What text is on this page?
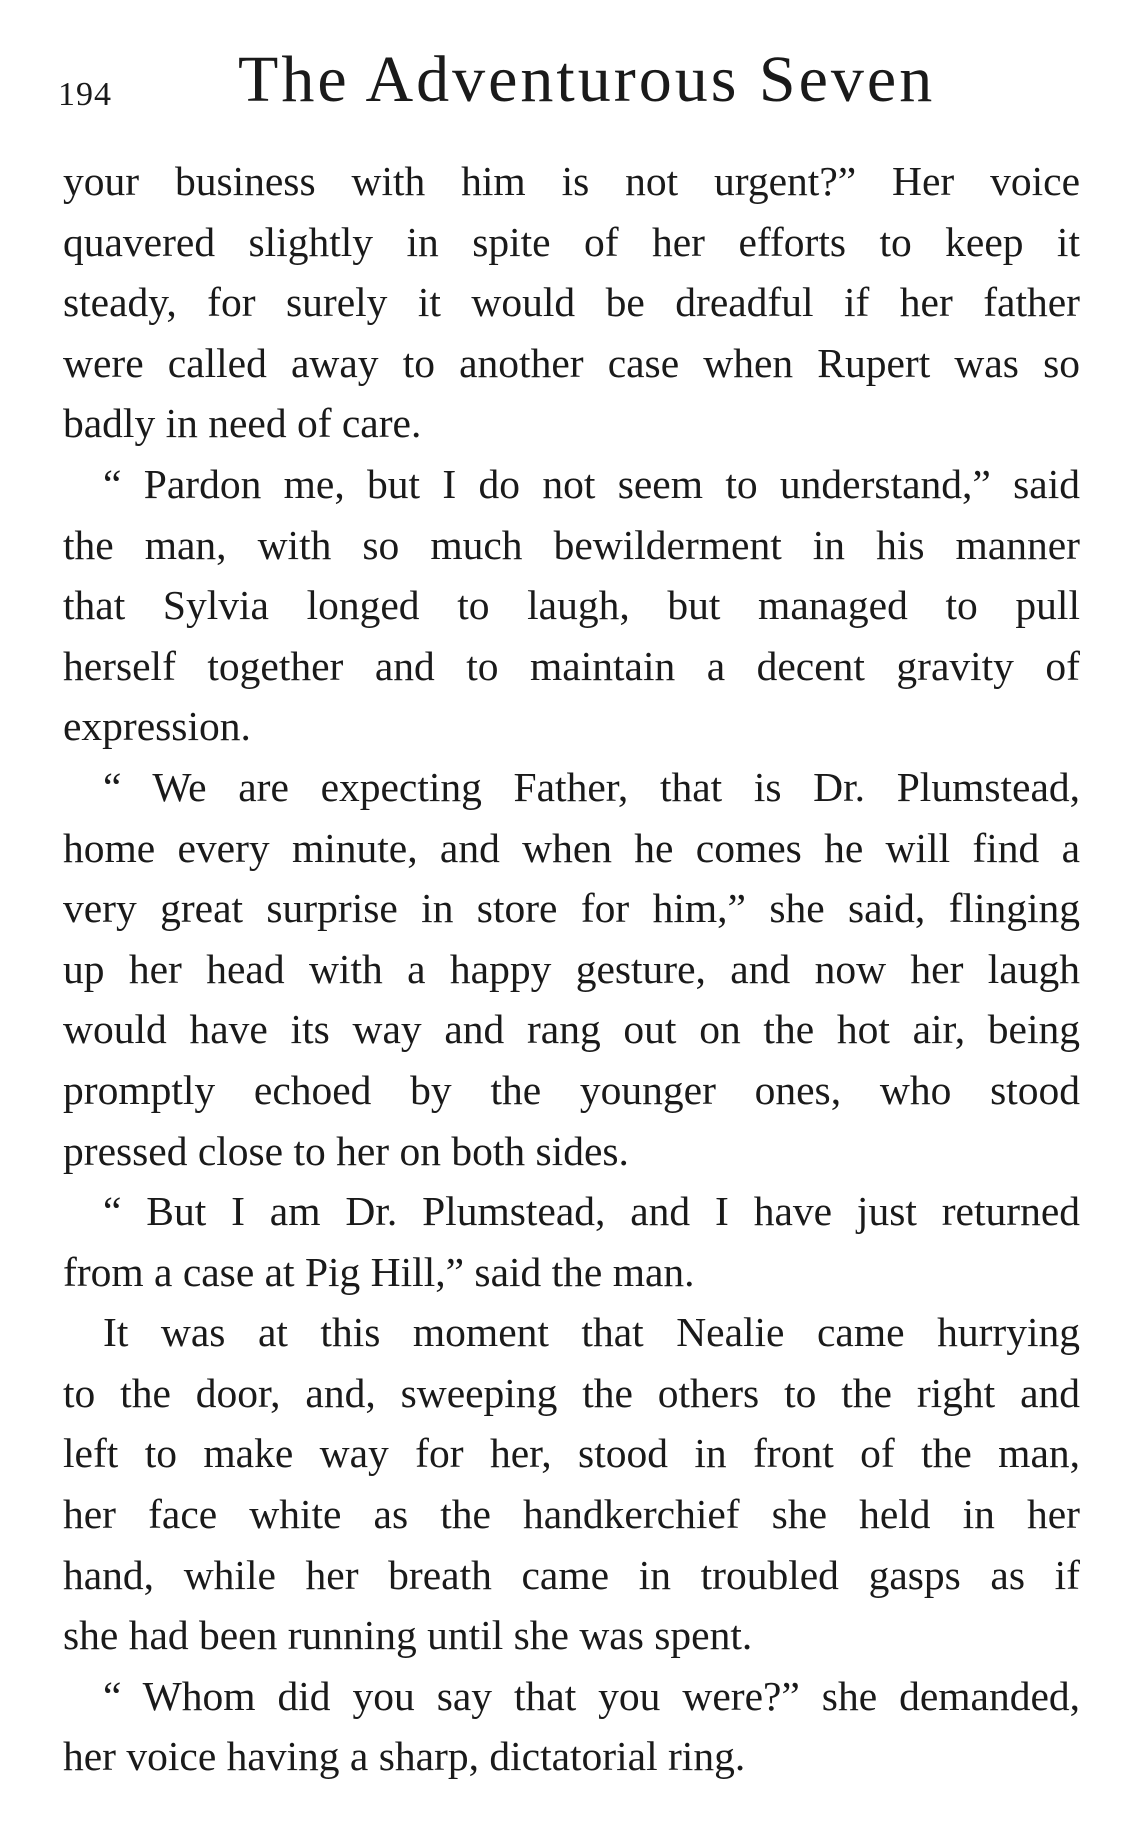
194 The Adventurous Seven
your business with him is not urgent?” Her voice
quavered slightly in spite of her efforts to keep it
steady, for surely it would be dreadful if her father
were called away to another case when Rupert was so
badly in need of care.
“ Pardon me, but I do not seem to understand,” said
the man, with so much bewilderment in his manner
that Sylvia longed to laugh, but managed to pull
herself together and to maintain a decent gravity of
expression.
“ We are expecting Father, that is Dr. Plumstead,
home every minute, and when he comes he will find a
very great surprise in store for him,” she said, flinging
up her head with a happy gesture, and now her laugh
would have its way and rang out on the hot air, being
promptly echoed by the younger ones, who stood
pressed close to her on both sides.
“ But I am Dr. Plumstead, and I have just returned
from a case at Pig Hill,” said the man.
It was at this moment that Nealie came hurrying
to the door, and, sweeping the others to the right and
left to make way for her, stood in front of the man,
her face white as the handkerchief she held in her
hand, while her breath came in troubled gasps as if
she had been running until she was spent.
“ Whom did you say that you were?” she demanded,
her voice having a sharp, dictatorial ring.
